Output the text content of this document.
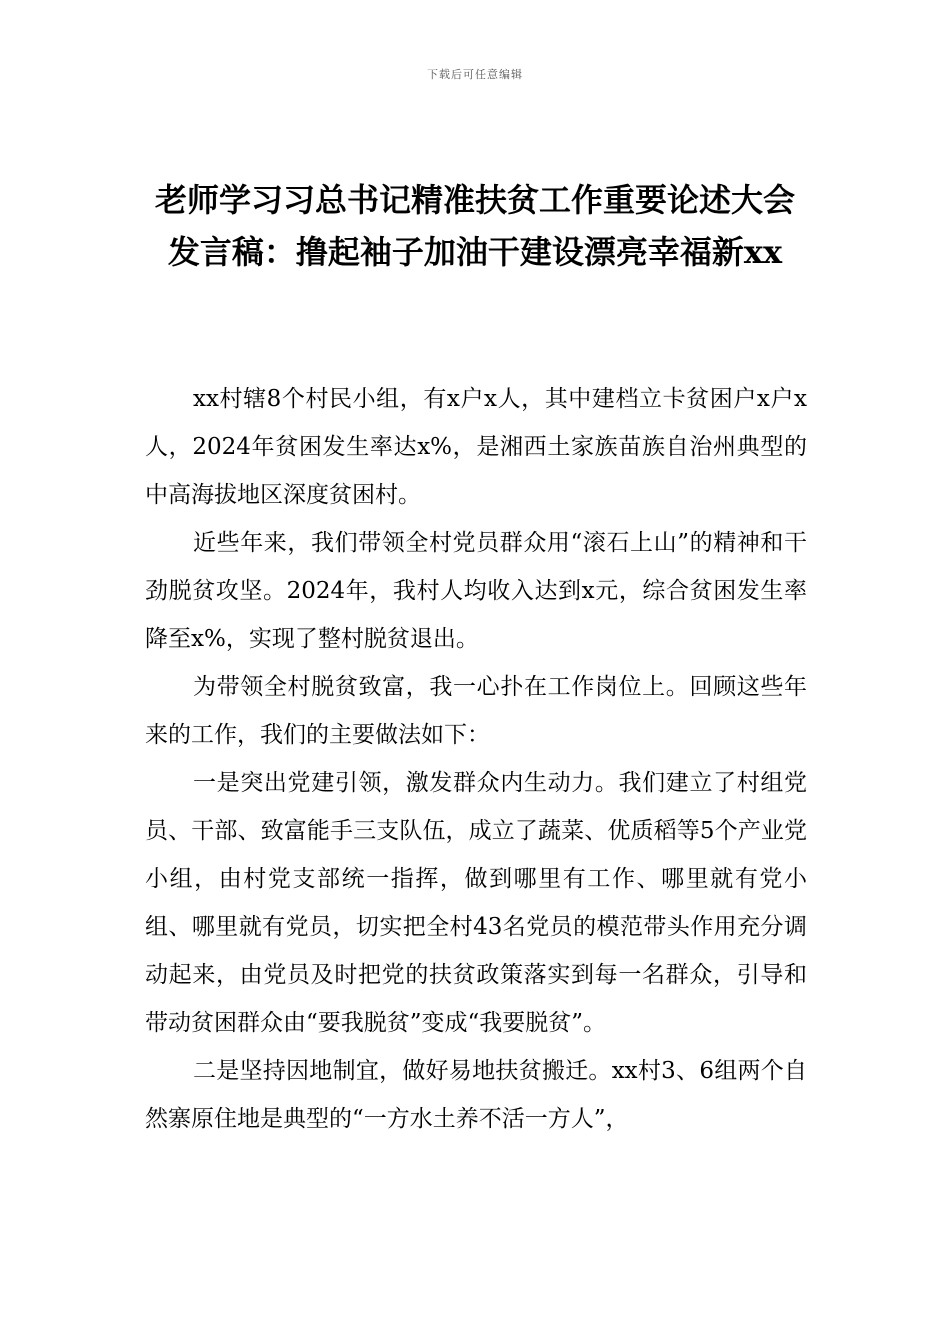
下载后可任意编辑
老师学习习总书记精准扶贫工作重要论述大会发言稿：撸起袖子加油干建设漂亮幸福新xx

xx村辖8个村民小组，有x户x人，其中建档立卡贫困户x户x人，2024年贫困发生率达x%，是湘西土家族苗族自治州典型的中高海拔地区深度贫困村。

近些年来，我们带领全村党员群众用“滚石上山”的精神和干劲脱贫攻坚。2024年，我村人均收入达到x元，综合贫困发生率降至x%，实现了整村脱贫退出。

为带领全村脱贫致富，我一心扑在工作岗位上。回顾这些年来的工作，我们的主要做法如下：

一是突出党建引领，激发群众内生动力。我们建立了村组党员、干部、致富能手三支队伍，成立了蔬菜、优质稻等5个产业党小组，由村党支部统一指挥，做到哪里有工作、哪里就有党小组、哪里就有党员，切实把全村43名党员的模范带头作用充分调动起来，由党员及时把党的扶贫政策落实到每一名群众，引导和带动贫困群众由“要我脱贫”变成“我要脱贫”。

二是坚持因地制宜，做好易地扶贫搬迁。xx村3、6组两个自然寨原住地是典型的“一方水土养不活一方人”，
